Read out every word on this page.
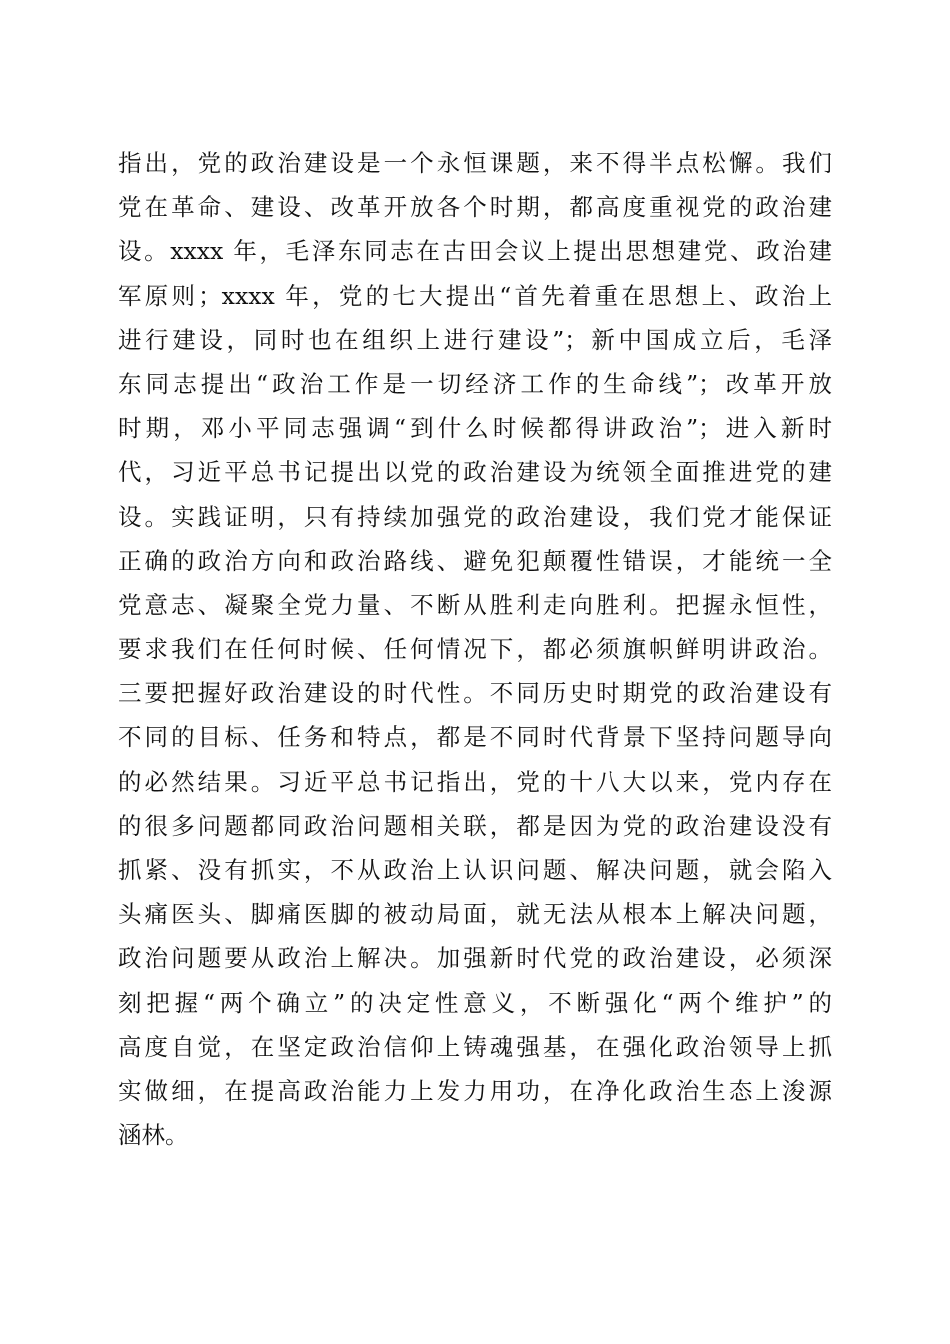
指出，党的政治建设是一个永恒课题，来不得半点松懈。我们
党在革命、建设、改革开放各个时期，都高度重视党的政治建
设。xxxx 年，毛泽东同志在古田会议上提出思想建党、政治建
军原则；xxxx 年，党的七大提出“首先着重在思想上、政治上
进行建设，同时也在组织上进行建设”；新中国成立后，毛泽
东同志提出“政治工作是一切经济工作的生命线”；改革开放
时期，邓小平同志强调“到什么时候都得讲政治”；进入新时
代，习近平总书记提出以党的政治建设为统领全面推进党的建
设。实践证明，只有持续加强党的政治建设，我们党才能保证
正确的政治方向和政治路线、避免犯颠覆性错误，才能统一全
党意志、凝聚全党力量、不断从胜利走向胜利。把握永恒性，
要求我们在任何时候、任何情况下，都必须旗帜鲜明讲政治。
三要把握好政治建设的时代性。不同历史时期党的政治建设有
不同的目标、任务和特点，都是不同时代背景下坚持问题导向
的必然结果。习近平总书记指出，党的十八大以来，党内存在
的很多问题都同政治问题相关联，都是因为党的政治建设没有
抓紧、没有抓实，不从政治上认识问题、解决问题，就会陷入
头痛医头、脚痛医脚的被动局面，就无法从根本上解决问题，
政治问题要从政治上解决。加强新时代党的政治建设，必须深
刻把握“两个确立”的决定性意义，不断强化“两个维护”的
高度自觉，在坚定政治信仰上铸魂强基，在强化政治领导上抓
实做细，在提高政治能力上发力用功，在净化政治生态上浚源
涵林。
